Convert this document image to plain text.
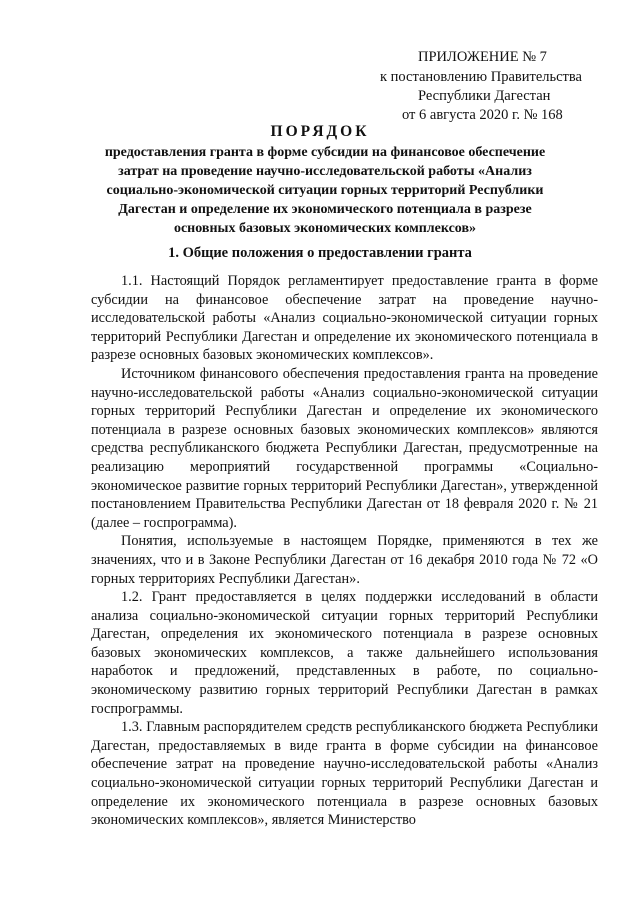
ПРИЛОЖЕНИЕ № 7
к постановлению Правительства
Республики Дагестан
от 6 августа 2020 г. № 168
ПОРЯДОК
предоставления гранта в форме субсидии на финансовое обеспечение затрат на проведение научно-исследовательской работы «Анализ социально-экономической ситуации горных территорий Республики Дагестан и определение их экономического потенциала в разрезе основных базовых экономических комплексов»
1. Общие положения о предоставлении гранта

1.1. Настоящий Порядок регламентирует предоставление гранта в форме субсидии на финансовое обеспечение затрат на проведение научно-исследовательской работы «Анализ социально-экономической ситуации горных территорий Республики Дагестан и определение их экономического потенциала в разрезе основных базовых экономических комплексов».

Источником финансового обеспечения предоставления гранта на проведение научно-исследовательской работы «Анализ социально-экономической ситуации горных территорий Республики Дагестан и определение их экономического потенциала в разрезе основных базовых экономических комплексов» являются средства республиканского бюджета Республики Дагестан, предусмотренные на реализацию мероприятий государственной программы «Социально-экономическое развитие горных территорий Республики Дагестан», утвержденной постановлением Правительства Республики Дагестан от 18 февраля 2020 г. № 21 (далее – госпрограмма).

Понятия, используемые в настоящем Порядке, применяются в тех же значениях, что и в Законе Республики Дагестан от 16 декабря 2010 года № 72 «О горных территориях Республики Дагестан».

1.2. Грант предоставляется в целях поддержки исследований в области анализа социально-экономической ситуации горных территорий Республики Дагестан, определения их экономического потенциала в разрезе основных базовых экономических комплексов, а также дальнейшего использования наработок и предложений, представленных в работе, по социально-экономическому развитию горных территорий Республики Дагестан в рамках госпрограммы.

1.3. Главным распорядителем средств республиканского бюджета Республики Дагестан, предоставляемых в виде гранта в форме субсидии на финансовое обеспечение затрат на проведение научно-исследовательской работы «Анализ социально-экономической ситуации горных территорий Республики Дагестан и определение их экономического потенциала в разрезе основных базовых экономических комплексов», является Министерство
